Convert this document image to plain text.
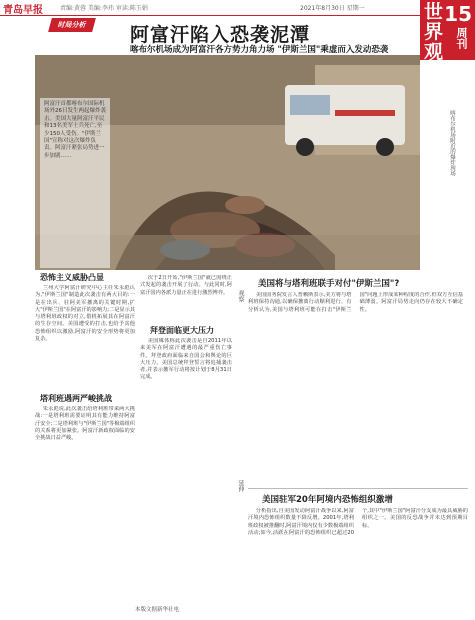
青岛早报	责编:黄蓉 美编:李玮 审读:陈玉娟	2021年8月30日 星期一	世界观
15
周刊
时局分析	阿富汗陷入恐袭泥潭
喀布尔机场成为阿富汗各方势力角力场 "伊斯兰国"乘虚而入发动恐袭
阿富汗首都喀布尔国际机场外26日发生两起爆炸袭击。美国大量阿富汗平民和13名美军士兵死亡,至少150人受伤。"伊斯兰国"宣称对这次爆炸负责。阿富汗紧张局势进一步加剧……	喀布尔机场附近的爆炸现场
恐怖主义威胁凸显

兰州大学阿富汗研究中心主任朱永彪认为,"伊斯兰国"制造此次袭击有两大目的:一是在出兵、驻阿美军撤离的关键时期,扩大"伊斯兰国"在阿富汗的影响力;二是显示其与塔利班政权的对立,借机拓展其在阿富汗的生存空间。美国遭受的打击,也给予其他恐怖组织以激励,阿富汗的安全形势将更加复杂。

塔利班遇两严峻挑战

朱永彪说,此次袭击给塔利班带来两大挑战:一是塔利班需要证明其有能力维持阿富汗安全;二是塔利班与"伊斯兰国"等极端组织的关系将更加紧张。阿富汗新政权面临的安全挑战日益严峻。

次于2日开始,"伊斯兰国"就已围绕正式发起的袭击开展了行动。与此同时,阿富汗国内各派力量正在进行激烈博弈。

拜登面临更大压力

美国媒体称此次袭击是自2011年以来美军在阿富汗遭遇的最严重伤亡事件。拜登政府面临来自国会和舆论的巨大压力。美国总统拜登誓言将追捕袭击者,并表示撤军行动将按计划于8月31日完成。

观察
延伸
美国将与塔利班联手对付"伊斯兰国"?

美国国务院发言人普赖斯表示,美方将与塔利班保持沟通,以确保撤离行动顺利进行。有分析认为,美国与塔利班可能在打击"伊斯兰国"问题上形成某种程度的合作,但双方互信基础薄弱。阿富汗局势走向仍存在较大不确定性。

美国驻军20年阿境内恐怖组织激增

分析指出,自美国发动阿富汗战争以来,阿富汗境内恐怖组织数量不降反增。2001年,塔利班政权被推翻时,阿富汗境内仅有少数极端组织活动;如今,活跃在阿富汗的恐怖组织已超过20个,其中"伊斯兰国"阿富汗分支成为最具威胁的组织之一。美国的反恐战争并未达到预期目标。

本版文据新华社电
